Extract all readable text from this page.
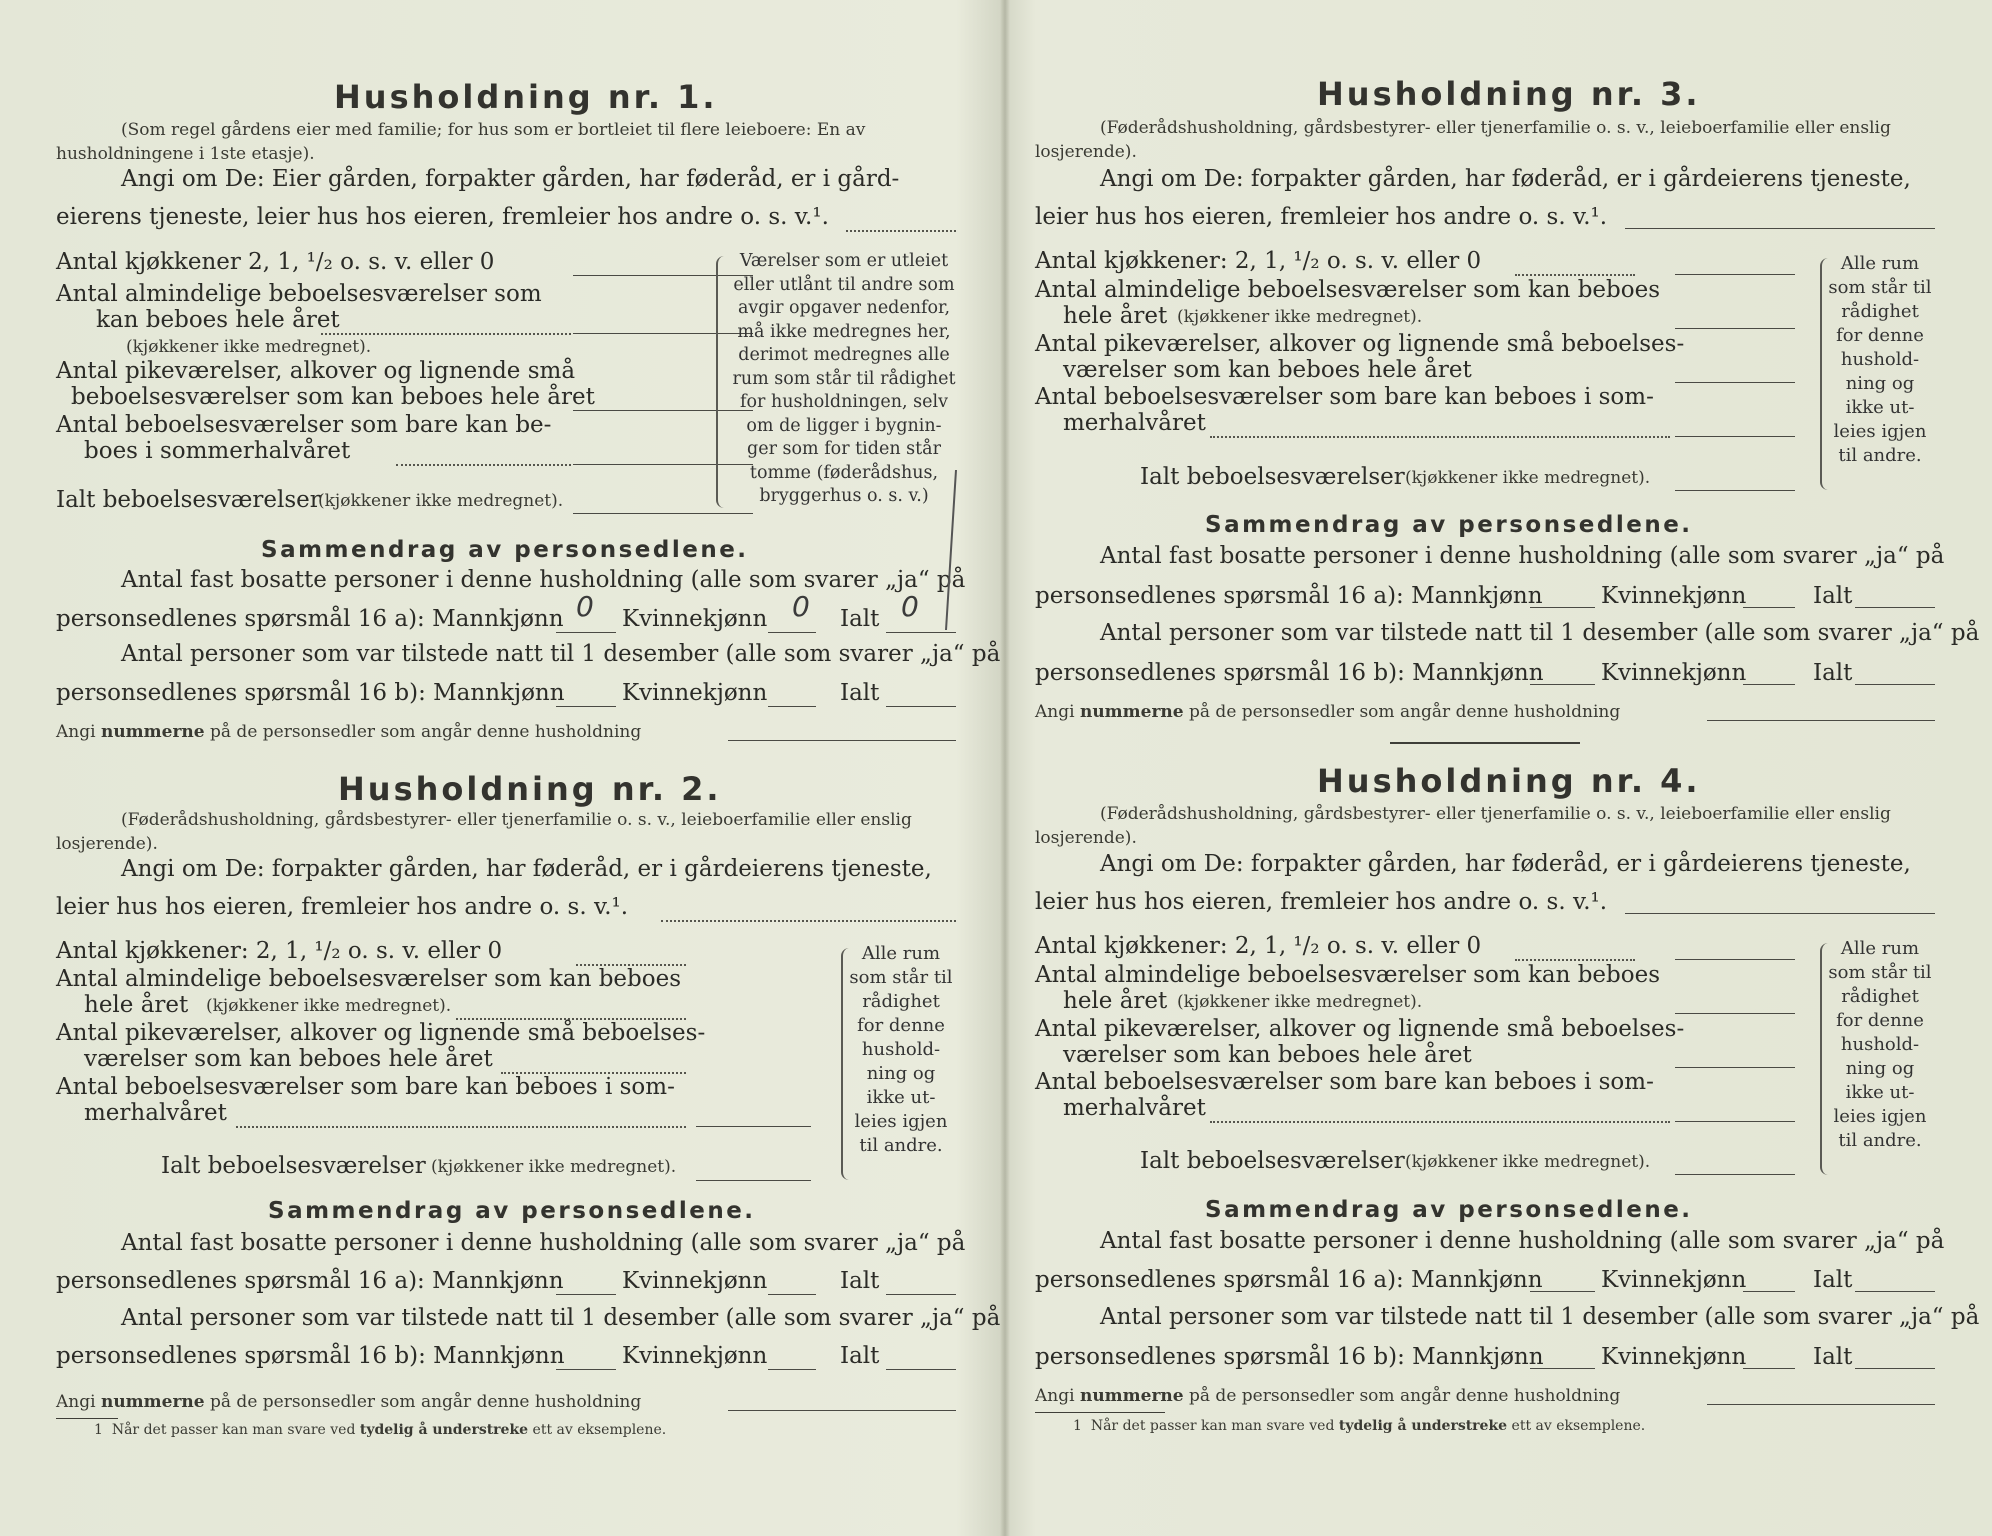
Husholdning nr. 1.
(Som regel gårdens eier med familie; for hus som er bortleiet til flere leieboere: En av husholdningene i 1ste etasje).
Angi om De: Eier gården, forpakter gården, har føderåd, er i gård-
eierens tjeneste, leier hus hos eieren, fremleier hos andre o. s. v.¹.
Antal kjøkkener 2, 1, ¹/₂ o. s. v. eller 0
Antal almindelige beboelsesværelser som
kan beboes hele året
(kjøkkener ikke medregnet).
Antal pikeværelser, alkover og lignende små
beboelsesværelser som kan beboes hele året
Antal beboelsesværelser som bare kan be-
boes i sommerhalvåret
Ialt beboelsesværelser
(kjøkkener ikke medregnet).
Værelser som er utleiet
eller utlånt til andre som
avgir opgaver nedenfor,
må ikke medregnes her,
derimot medregnes alle
rum som står til rådighet
for husholdningen, selv
om de ligger i bygnin-
ger som for tiden står
tomme (føderådshus,
bryggerhus o. s. v.)
Sammendrag av personsedlene.
Antal fast bosatte personer i denne husholdning (alle som svarer „ja“ på
personsedlenes spørsmål 16 a): Mannkjønn 0 Kvinnekjønn 0 Ialt 0
Antal personer som var tilstede natt til 1 desember (alle som svarer „ja“ på
personsedlenes spørsmål 16 b): Mannkjønn Kvinnekjønn	Ialt
Angi nummerne på de personsedler som angår denne husholdning
Husholdning nr. 2.
(Føderådshusholdning, gårdsbestyrer- eller tjenerfamilie o. s. v., leieboerfamilie eller enslig losjerende).
Angi om De: forpakter gården, har føderåd, er i gårdeierens tjeneste,
leier hus hos eieren, fremleier hos andre o. s. v.¹.
Antal kjøkkener: 2, 1, ¹/₂ o. s. v. eller 0
Antal almindelige beboelsesværelser som kan beboes
hele året (kjøkkener ikke medregnet).
Antal pikeværelser, alkover og lignende små beboelses-
værelser som kan beboes hele året
Antal beboelsesværelser som bare kan beboes i som-
merhalvåret
Ialt beboelsesværelser (kjøkkener ikke medregnet).
Alle rum
som står til
rådighet
for denne
hushold-
ning og
ikke ut-
leies igjen
til andre.
Sammendrag av personsedlene.
Antal fast bosatte personer i denne husholdning (alle som svarer „ja“ på
personsedlenes spørsmål 16 a): Mannkjønn	Kvinnekjønn	Ialt
Antal personer som var tilstede natt til 1 desember (alle som svarer „ja“ på
personsedlenes spørsmål 16 b): Mannkjønn Kvinnekjønn	Ialt
Angi nummerne på de personsedler som angår denne husholdning
1 Når det passer kan man svare ved tydelig å understreke ett av eksemplene.
Husholdning nr. 3.
(Føderådshusholdning, gårdsbestyrer- eller tjenerfamilie o. s. v., leieboerfamilie eller enslig losjerende).
Angi om De: forpakter gården, har føderåd, er i gårdeierens tjeneste,
leier hus hos eieren, fremleier hos andre o. s. v.¹.
Antal kjøkkener: 2, 1, ¹/₂ o. s. v. eller 0
Antal almindelige beboelsesværelser som kan beboes
hele året (kjøkkener ikke medregnet).
Antal pikeværelser, alkover og lignende små beboelses-
værelser som kan beboes hele året
Antal beboelsesværelser som bare kan beboes i som-
merhalvåret
Ialt beboelsesværelser (kjøkkener ikke medregnet).
Alle rum
som står til
rådighet
for denne
hushold-
ning og
ikke ut-
leies igjen
til andre.
Sammendrag av personsedlene.
Antal fast bosatte personer i denne husholdning (alle som svarer „ja“ på
personsedlenes spørsmål 16 a): Mannkjønn	Kvinnekjønn	Ialt
Antal personer som var tilstede natt til 1 desember (alle som svarer „ja“ på
personsedlenes spørsmål 16 b): Mannkjønn Kvinnekjønn	Ialt
Angi nummerne på de personsedler som angår denne husholdning
Husholdning nr. 4.
(Føderådshusholdning, gårdsbestyrer- eller tjenerfamilie o. s. v., leieboerfamilie eller enslig losjerende).
Angi om De: forpakter gården, har føderåd, er i gårdeierens tjeneste,
leier hus hos eieren, fremleier hos andre o. s. v.¹.
Antal kjøkkener: 2, 1, ¹/₂ o. s. v. eller 0
Antal almindelige beboelsesværelser som kan beboes
hele året (kjøkkener ikke medregnet).
Antal pikeværelser, alkover og lignende små beboelses-
værelser som kan beboes hele året
Antal beboelsesværelser som bare kan beboes i som-
merhalvåret
Ialt beboelsesværelser (kjøkkener ikke medregnet).
Alle rum
som står til
rådighet
for denne
hushold-
ning og
ikke ut-
leies igjen
til andre.
Sammendrag av personsedlene.
Antal fast bosatte personer i denne husholdning (alle som svarer „ja“ på
personsedlenes spørsmål 16 a): Mannkjønn	Kvinnekjønn	Ialt
Antal personer som var tilstede natt til 1 desember (alle som svarer „ja“ på
personsedlenes spørsmål 16 b): Mannkjønn Kvinnekjønn	Ialt
Angi nummerne på de personsedler som angår denne husholdning
1 Når det passer kan man svare ved tydelig å understreke ett av eksemplene.
